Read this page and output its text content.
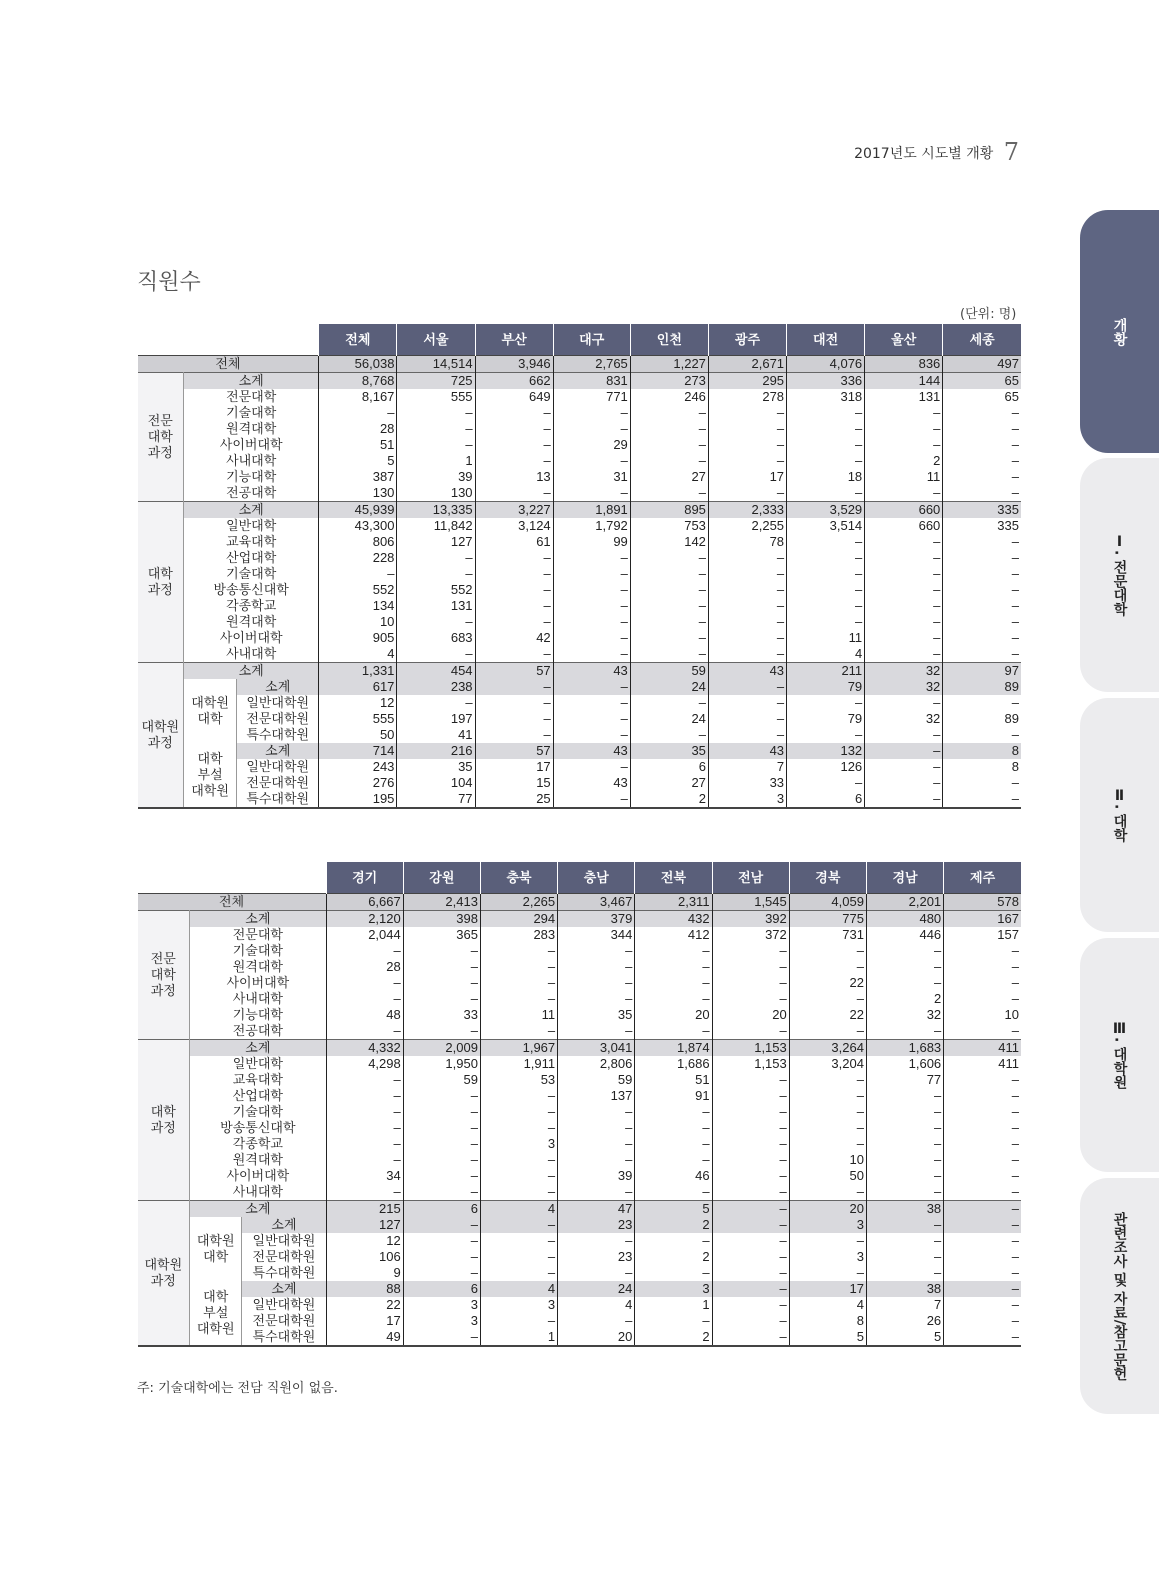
2017년도 시도별 개황 7
개황
Ⅰ. 전문대학
Ⅱ. 대학
Ⅲ. 대학원
관련조사 및 자료/참고문헌
직원수
(단위: 명)
			전체	서울	부산	대구	인천	광주	대전	울산	세종
전체			56,038	14,514	3,946	2,765	1,227	2,671	4,076	836	497
전문
대학
과정	소계		8,768	725	662	831	273	295	336	144	65
	전문대학		8,167	555	649	771	246	278	318	131	65
	기술대학		–	–	–	–	–	–	–	–	–
	원격대학		28	–	–	–	–	–	–	–	–
	사이버대학		51	–	–	29	–	–	–	–	–
	사내대학		5	1	–	–	–	–	–	2	–
	기능대학		387	39	13	31	27	17	18	11	–
	전공대학		130	130	–	–	–	–	–	–	–
대학
과정	소계		45,939	13,335	3,227	1,891	895	2,333	3,529	660	335
	일반대학		43,300	11,842	3,124	1,792	753	2,255	3,514	660	335
	교육대학		806	127	61	99	142	78	–	–	–
	산업대학		228	–	–	–	–	–	–	–	–
	기술대학		–	–	–	–	–	–	–	–	–
	방송통신대학		552	552	–	–	–	–	–	–	–
	각종학교		134	131	–	–	–	–	–	–	–
	원격대학		10	–	–	–	–	–	–	–	–
	사이버대학		905	683	42	–	–	–	11	–	–
	사내대학		4	–	–	–	–	–	4	–	–
대학원
과정	소계		1,331	454	57	43	59	43	211	32	97
	대학원
대학	소계	617	238	–	–	24	–	79	32	89
		일반대학원	12	–	–	–	–	–	–	–	–
		전문대학원	555	197	–	–	24	–	79	32	89
		특수대학원	50	41	–	–	–	–	–	–	–
	대학
부설
대학원	소계	714	216	57	43	35	43	132	–	8
		일반대학원	243	35	17	–	6	7	126	–	8
		전문대학원	276	104	15	43	27	33	–	–	–
		특수대학원	195	77	25	–	2	3	6	–	–
			경기	강원	충북	충남	전북	전남	경북	경남	제주
전체			6,667	2,413	2,265	3,467	2,311	1,545	4,059	2,201	578
전문
대학
과정	소계		2,120	398	294	379	432	392	775	480	167
	전문대학		2,044	365	283	344	412	372	731	446	157
	기술대학		–	–	–	–	–	–	–	–	–
	원격대학		28	–	–	–	–	–	–	–	–
	사이버대학		–	–	–	–	–	–	22	–	–
	사내대학		–	–	–	–	–	–	–	2	–
	기능대학		48	33	11	35	20	20	22	32	10
	전공대학		–	–	–	–	–	–	–	–	–
대학
과정	소계		4,332	2,009	1,967	3,041	1,874	1,153	3,264	1,683	411
	일반대학		4,298	1,950	1,911	2,806	1,686	1,153	3,204	1,606	411
	교육대학		–	59	53	59	51	–	–	77	–
	산업대학		–	–	–	137	91	–	–	–	–
	기술대학		–	–	–	–	–	–	–	–	–
	방송통신대학		–	–	–	–	–	–	–	–	–
	각종학교		–	–	3	–	–	–	–	–	–
	원격대학		–	–	–	–	–	–	10	–	–
	사이버대학		34	–	–	39	46	–	50	–	–
	사내대학		–	–	–	–	–	–	–	–	–
대학원
과정	소계		215	6	4	47	5	–	20	38	–
	대학원
대학	소계	127	–	–	23	2	–	3	–	–
		일반대학원	12	–	–	–	–	–	–	–	–
		전문대학원	106	–	–	23	2	–	3	–	–
		특수대학원	9	–	–	–	–	–	–	–	–
	대학
부설
대학원	소계	88	6	4	24	3	–	17	38	–
		일반대학원	22	3	3	4	1	–	4	7	–
		전문대학원	17	3	–	–	–	–	8	26	–
		특수대학원	49	–	1	20	2	–	5	5	–
주: 기술대학에는 전담 직원이 없음.
